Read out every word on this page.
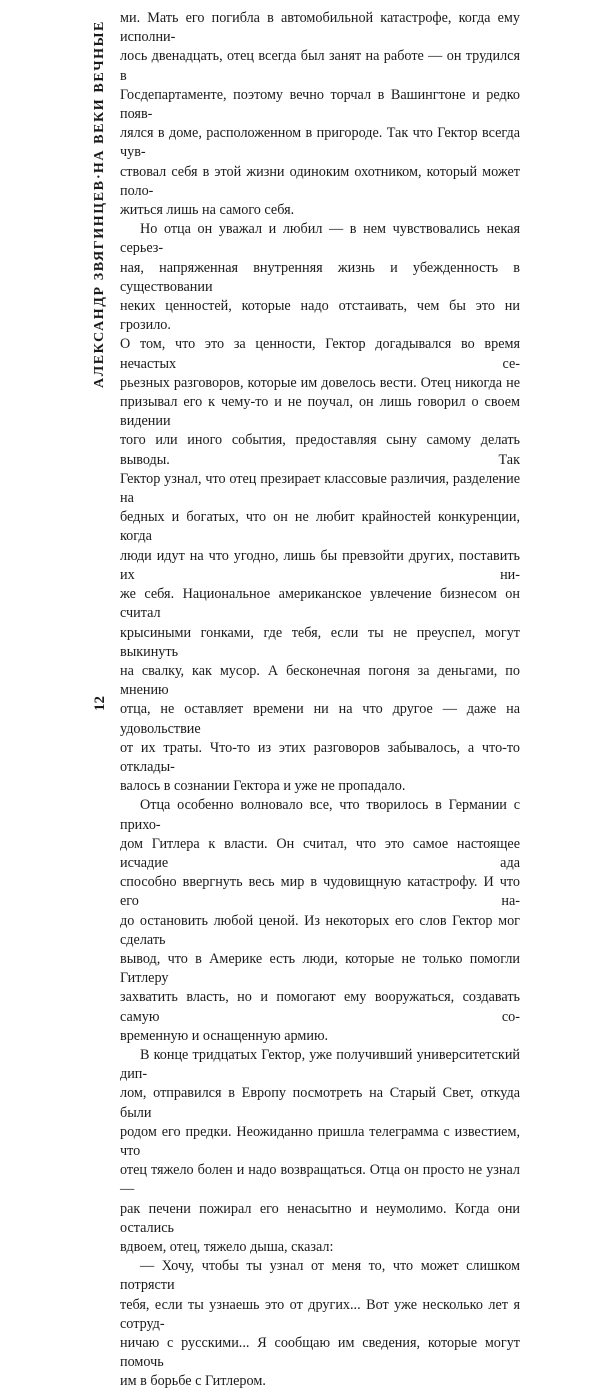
АЛЕКСАНДР ЗВЯГИНЦЕВ·НА ВЕКИ ВЕЧНЫЕ
12

ми. Мать его погибла в автомобильной катастрофе, когда ему исполни-

лось двенадцать, отец всегда был занят на работе — он трудился в

Госдепартаменте, поэтому вечно торчал в Вашингтоне и редко появ-

лялся в доме, расположенном в пригороде. Так что Гектор всегда чув-

ствовал себя в этой жизни одиноким охотником, который может поло-

житься лишь на самого себя.

Но отца он уважал и любил — в нем чувствовались некая серьез-

ная, напряженная внутренняя жизнь и убежденность в существовании

неких ценностей, которые надо отстаивать, чем бы это ни грозило.

О том, что это за ценности, Гектор догадывался во время нечастых се-

рьезных разговоров, которые им довелось вести. Отец никогда не

призывал его к чему-то и не поучал, он лишь говорил о своем видении

того или иного события, предоставляя сыну самому делать выводы. Так

Гектор узнал, что отец презирает классовые различия, разделение на

бедных и богатых, что он не любит крайностей конкуренции, когда

люди идут на что угодно, лишь бы превзойти других, поставить их ни-

же себя. Национальное американское увлечение бизнесом он считал

крысиными гонками, где тебя, если ты не преуспел, могут выкинуть

на свалку, как мусор. А бесконечная погоня за деньгами, по мнению

отца, не оставляет времени ни на что другое — даже на удовольствие

от их траты. Что-то из этих разговоров забывалось, а что-то отклады-

валось в сознании Гектора и уже не пропадало.

Отца особенно волновало все, что творилось в Германии с прихо-

дом Гитлера к власти. Он считал, что это самое настоящее исчадие ада

способно ввергнуть весь мир в чудовищную катастрофу. И что его на-

до остановить любой ценой. Из некоторых его слов Гектор мог сделать

вывод, что в Америке есть люди, которые не только помогли Гитлеру

захватить власть, но и помогают ему вооружаться, создавать самую со-

временную и оснащенную армию.

В конце тридцатых Гектор, уже получивший университетский дип-

лом, отправился в Европу посмотреть на Старый Свет, откуда были

родом его предки. Неожиданно пришла телеграмма с известием, что

отец тяжело болен и надо возвращаться. Отца он просто не узнал —

рак печени пожирал его ненасытно и неумолимо. Когда они остались

вдвоем, отец, тяжело дыша, сказал:

— Хочу, чтобы ты узнал от меня то, что может слишком потрясти

тебя, если ты узнаешь это от других... Вот уже несколько лет я сотруд-

ничаю с русскими... Я сообщаю им сведения, которые могут помочь

им в борьбе с Гитлером.
